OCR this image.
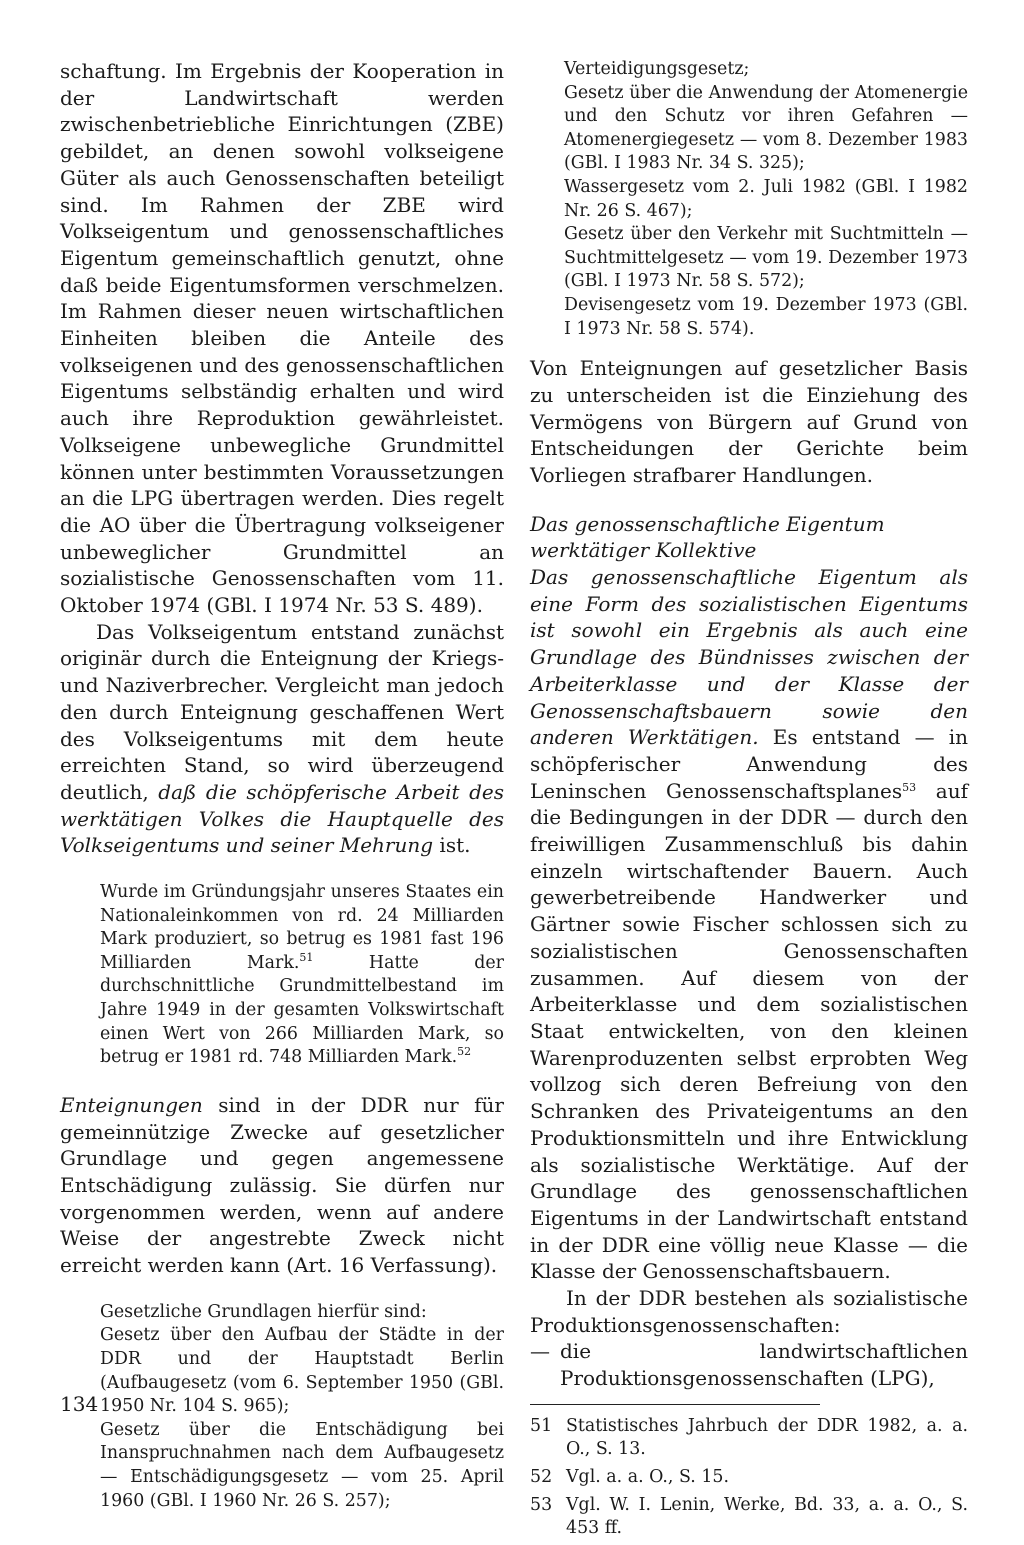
schaftung. Im Ergebnis der Kooperation in der Landwirtschaft werden zwischenbetriebliche Einrichtungen (ZBE) gebildet, an denen sowohl volkseigene Güter als auch Genossenschaften beteiligt sind. Im Rahmen der ZBE wird Volkseigentum und genossenschaftliches Eigentum gemeinschaftlich genutzt, ohne daß beide Eigentumsformen verschmelzen. Im Rahmen dieser neuen wirtschaftlichen Einheiten bleiben die Anteile des volkseigenen und des genossenschaftlichen Eigentums selbständig erhalten und wird auch ihre Reproduktion gewährleistet. Volkseigene unbewegliche Grundmittel können unter bestimmten Voraussetzungen an die LPG übertragen werden. Dies regelt die AO über die Übertragung volkseigener unbeweglicher Grundmittel an sozialistische Genossenschaften vom 11. Oktober 1974 (GBl. I 1974 Nr. 53 S. 489).

Das Volkseigentum entstand zunächst originär durch die Enteignung der Kriegs- und Naziverbrecher. Vergleicht man jedoch den durch Enteignung geschaffenen Wert des Volkseigentums mit dem heute erreichten Stand, so wird überzeugend deutlich, daß die schöpferische Arbeit des werktätigen Volkes die Hauptquelle des Volkseigentums und seiner Mehrung ist.

Wurde im Gründungsjahr unseres Staates ein Nationaleinkommen von rd. 24 Milliarden Mark produziert, so betrug es 1981 fast 196 Milliarden Mark.$^{51}$ Hatte der durchschnittliche Grundmittelbestand im Jahre 1949 in der gesamten Volkswirtschaft einen Wert von 266 Milliarden Mark, so betrug er 1981 rd. 748 Milliarden Mark.$^{52}$

Enteignungen sind in der DDR nur für gemeinnützige Zwecke auf gesetzlicher Grundlage und gegen angemessene Entschädigung zulässig. Sie dürfen nur vorgenommen werden, wenn auf andere Weise der angestrebte Zweck nicht erreicht werden kann (Art. 16 Verfassung).

Gesetzliche Grundlagen hierfür sind:

Gesetz über den Aufbau der Städte in der DDR und der Hauptstadt Berlin (Aufbaugesetz (vom 6. September 1950 (GBl. 1950 Nr. 104 S. 965);

Gesetz über die Entschädigung bei Inanspruchnahmen nach dem Aufbaugesetz — Entschädigungsgesetz — vom 25. April 1960 (GBl. I 1960 Nr. 26 S. 257);

Verteidigungsgesetz;

Gesetz über die Anwendung der Atomenergie und den Schutz vor ihren Gefahren — Atomenergiegesetz — vom 8. Dezember 1983 (GBl. I 1983 Nr. 34 S. 325);

Wassergesetz vom 2. Juli 1982 (GBl. I 1982 Nr. 26 S. 467);

Gesetz über den Verkehr mit Suchtmitteln — Suchtmittelgesetz — vom 19. Dezember 1973 (GBl. I 1973 Nr. 58 S. 572);

Devisengesetz vom 19. Dezember 1973 (GBl. I 1973 Nr. 58 S. 574).

Von Enteignungen auf gesetzlicher Basis zu unterscheiden ist die Einziehung des Vermögens von Bürgern auf Grund von Entscheidungen der Gerichte beim Vorliegen strafbarer Handlungen.

Das genossenschaftliche Eigentum

werktätiger Kollektive

Das genossenschaftliche Eigentum als eine Form des sozialistischen Eigentums ist sowohl ein Ergebnis als auch eine Grundlage des Bündnisses zwischen der Arbeiterklasse und der Klasse der Genossenschaftsbauern sowie den anderen Werktätigen. Es entstand — in schöpferischer Anwendung des Leninschen Genossenschaftsplanes$^{53}$ auf die Bedingungen in der DDR — durch den freiwilligen Zusammenschluß bis dahin einzeln wirtschaftender Bauern. Auch gewerbetreibende Handwerker und Gärtner sowie Fischer schlossen sich zu sozialistischen Genossenschaften zusammen. Auf diesem von der Arbeiterklasse und dem sozialistischen Staat entwickelten, von den kleinen Warenproduzenten selbst erprobten Weg vollzog sich deren Befreiung von den Schranken des Privateigentums an den Produktionsmitteln und ihre Entwicklung als sozialistische Werktätige. Auf der Grundlage des genossenschaftlichen Eigentums in der Landwirtschaft entstand in der DDR eine völlig neue Klasse — die Klasse der Genossenschaftsbauern.

In der DDR bestehen als sozialistische Produktionsgenossenschaften:

— die landwirtschaftlichen Produktionsgenossenschaften (LPG),
51 Statistisches Jahrbuch der DDR 1982, a. a. O., S. 13.
52 Vgl. a. a. O., S. 15.
53 Vgl. W. I. Lenin, Werke, Bd. 33, a. a. O., S. 453 ff.
134
